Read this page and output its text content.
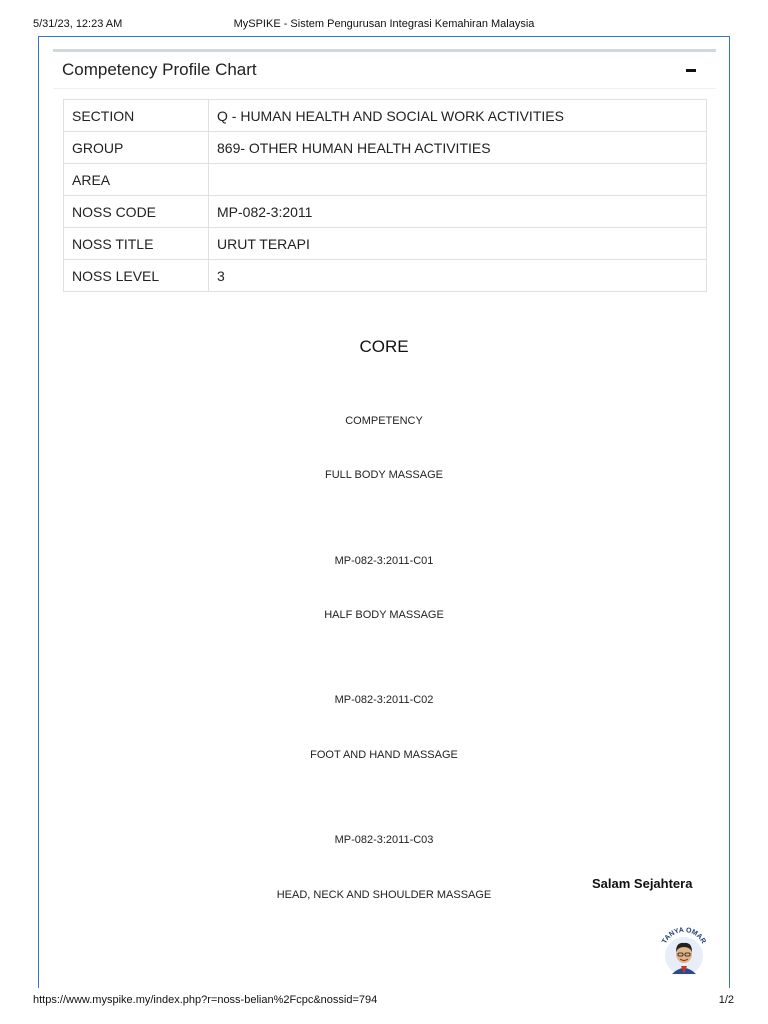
5/31/23, 12:23 AM	MySPIKE - Sistem Pengurusan Integrasi Kemahiran Malaysia
Competency Profile Chart
SECTION	Q - HUMAN HEALTH AND SOCIAL WORK ACTIVITIES
GROUP	869- OTHER HUMAN HEALTH ACTIVITIES
AREA	
NOSS CODE	MP-082-3:2011
NOSS TITLE	URUT TERAPI
NOSS LEVEL	3
CORE
COMPETENCY
FULL BODY MASSAGE
MP-082-3:2011-C01
HALF BODY MASSAGE
MP-082-3:2011-C02
FOOT AND HAND MASSAGE
MP-082-3:2011-C03
HEAD, NECK AND SHOULDER MASSAGE
Salam Sejahtera
TANYA OMAR
https://www.myspike.my/index.php?r=noss-belian%2Fcpc&nossid=794	1/2
